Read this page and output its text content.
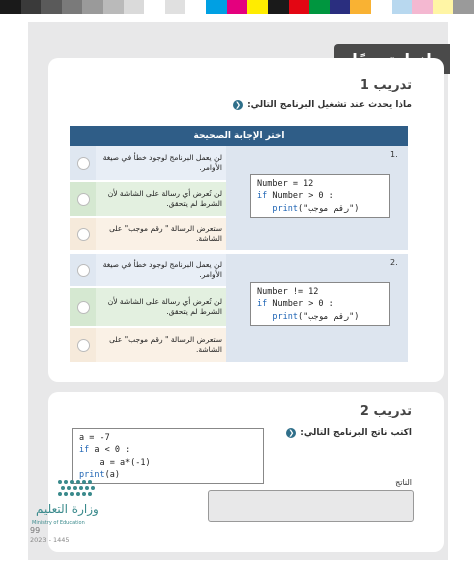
تدريب 1
❮ ماذا يحدث عند تشغيل البرنامج التالي:
اختر الإجابة الصحيحة
1.
Number = 12
if Number > 0 :
print("رقم موجب")
لن يعمل البرنامج لوجود خطأ في صيغة الأوامر.
لن تُعرض أي رسالة على الشاشة لأن الشرط لم يتحقق.
ستعرض الرسالة " رقم موجب" على الشاشة.
2.
Number != 12
if Number > 0 :
print("رقم موجب")
لن يعمل البرنامج لوجود خطأ في صيغة الأوامر.
لن تُعرض أي رسالة على الشاشة لأن الشرط لم يتحقق.
ستعرض الرسالة " رقم موجب" على الشاشة.
تدريب 2
❮ اكتب ناتج البرنامج التالي:
a = -7
if a < 0 :
a = a*(-1)
print(a)
الناتج
وزارة التعليم
Ministry of Education
99
2023 - 1445
